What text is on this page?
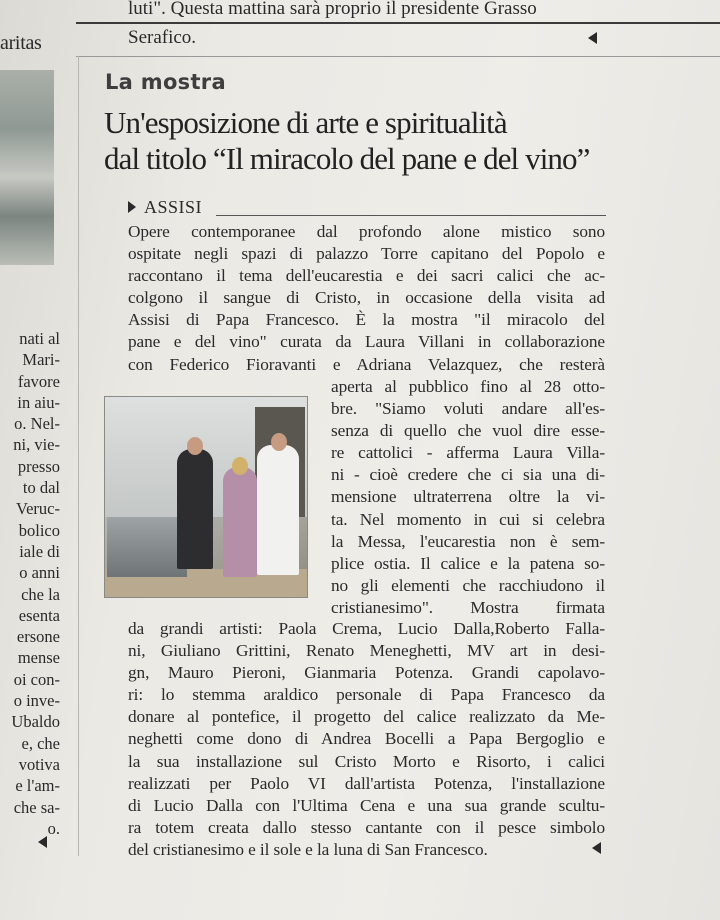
aritas
luti". Questa mattina sarà proprio il presidente Grasso
Serafico.
nati al
Mari-
favore
in aiu-
o. Nel-
ni, vie-
presso
to dal
Veruc-
bolico
iale di
o anni
che la
esenta
ersone
mense
oi con-
o inve-
Ubaldo
e, che
votiva
e l'am-
che sa-
o.
La mostra
Un'esposizione di arte e spiritualità
dal titolo “Il miracolo del pane e del vino”
ASSISI
Opere contemporanee dal profondo alone mistico sono
ospitate negli spazi di palazzo Torre capitano del Popolo e
raccontano il tema dell'eucarestia e dei sacri calici che ac-
colgono il sangue di Cristo, in occasione della visita ad
Assisi di Papa Francesco. È la mostra "il miracolo del
pane e del vino" curata da Laura Villani in collaborazione
con Federico Fioravanti e Adriana Velazquez, che resterà
aperta al pubblico fino al 28 otto-
bre. "Siamo voluti andare all'es-
senza di quello che vuol dire esse-
re cattolici - afferma Laura Villa-
ni - cioè credere che ci sia una di-
mensione ultraterrena oltre la vi-
ta. Nel momento in cui si celebra
la Messa, l'eucarestia non è sem-
plice ostia. Il calice e la patena so-
no gli elementi che racchiudono il
cristianesimo". Mostra firmata
da grandi artisti: Paola Crema, Lucio Dalla,Roberto Falla-
ni, Giuliano Grittini, Renato Meneghetti, MV art in desi-
gn, Mauro Pieroni, Gianmaria Potenza. Grandi capolavo-
ri: lo stemma araldico personale di Papa Francesco da
donare al pontefice, il progetto del calice realizzato da Me-
neghetti come dono di Andrea Bocelli a Papa Bergoglio e
la sua installazione sul Cristo Morto e Risorto, i calici
realizzati per Paolo VI dall'artista Potenza, l'installazione
di Lucio Dalla con l'Ultima Cena e una sua grande scultu-
ra totem creata dallo stesso cantante con il pesce simbolo
del cristianesimo e il sole e la luna di San Francesco.
